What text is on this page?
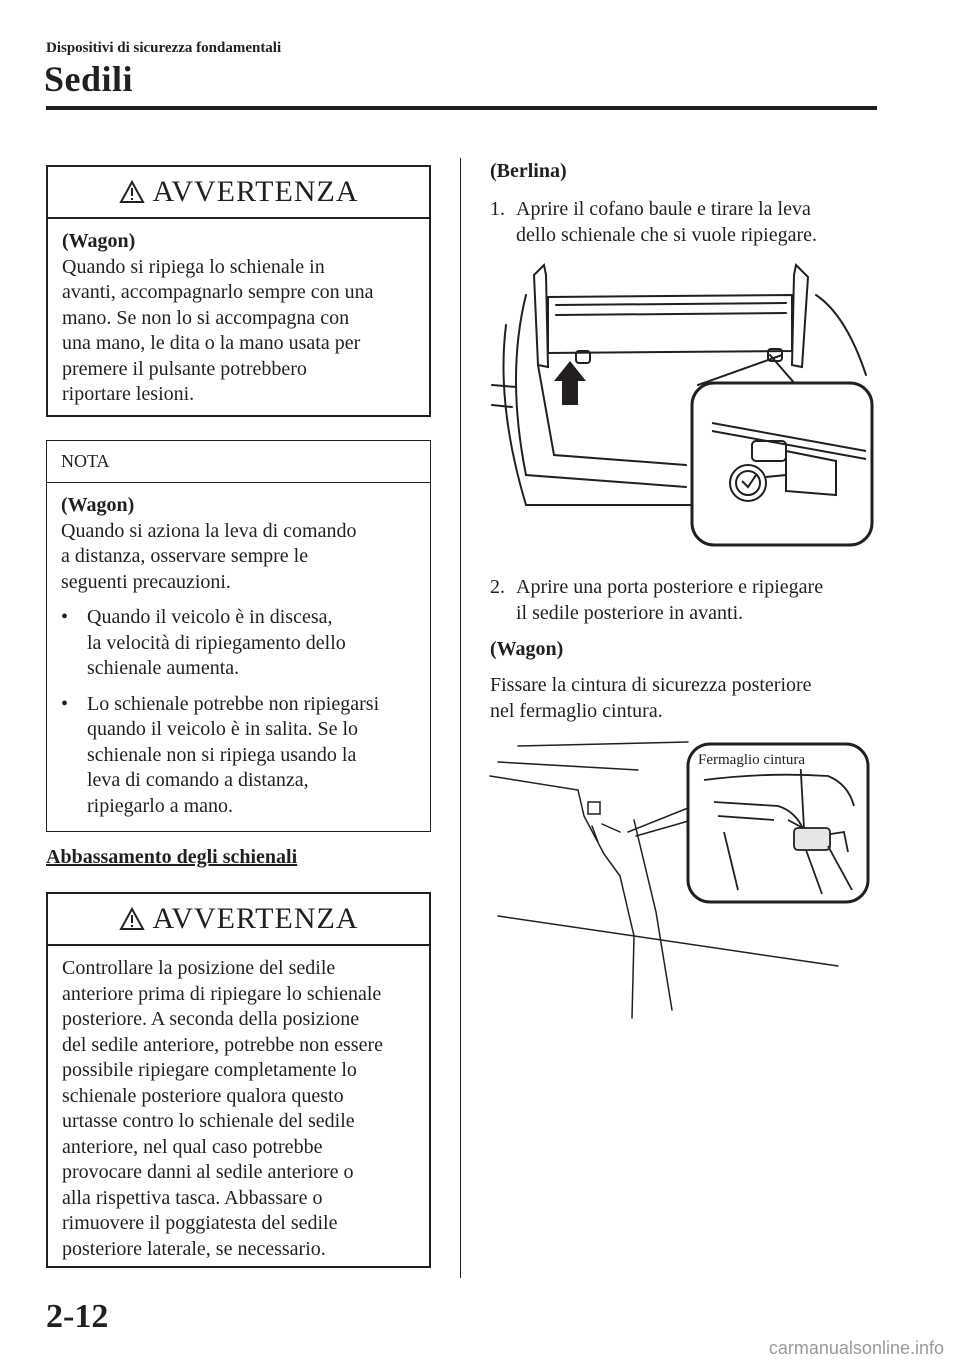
Dispositivi di sicurezza fondamentali
Sedili
AVVERTENZA
(Wagon)
Quando si ripiega lo schienale in
avanti, accompagnarlo sempre con una
mano. Se non lo si accompagna con
una mano, le dita o la mano usata per
premere il pulsante potrebbero
riportare lesioni.
NOTA
(Wagon)
Quando si aziona la leva di comando
a distanza, osservare sempre le
seguenti precauzioni.
• Quando il veicolo è in discesa,
la velocità di ripiegamento dello
schienale aumenta.
• Lo schienale potrebbe non ripiegarsi
quando il veicolo è in salita. Se lo
schienale non si ripiega usando la
leva di comando a distanza,
ripiegarlo a mano.
Abbassamento degli schienali
AVVERTENZA
Controllare la posizione del sedile
anteriore prima di ripiegare lo schienale
posteriore. A seconda della posizione
del sedile anteriore, potrebbe non essere
possibile ripiegare completamente lo
schienale posteriore qualora questo
urtasse contro lo schienale del sedile
anteriore, nel qual caso potrebbe
provocare danni al sedile anteriore o
alla rispettiva tasca. Abbassare o
rimuovere il poggiatesta del sedile
posteriore laterale, se necessario.
(Berlina)
1. Aprire il cofano baule e tirare la leva
dello schienale che si vuole ripiegare.
2. Aprire una porta posteriore e ripiegare
il sedile posteriore in avanti.
(Wagon)
Fissare la cintura di sicurezza posteriore
nel fermaglio cintura.
Fermaglio cintura
2-12
carmanualsonline.info
